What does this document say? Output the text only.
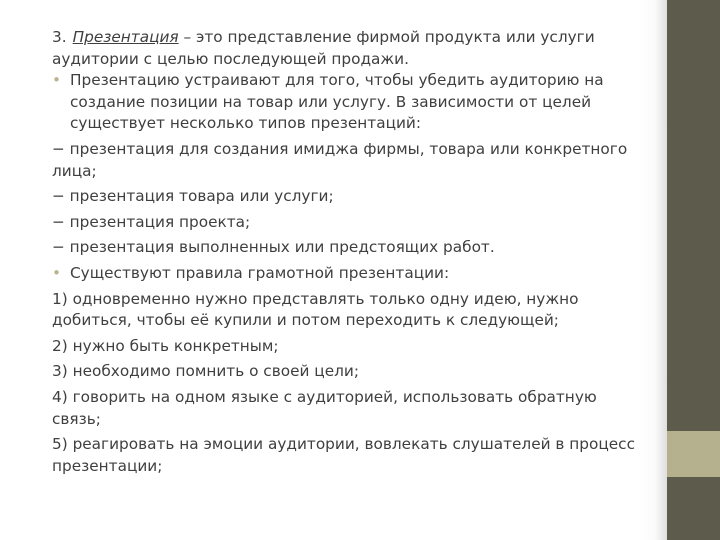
3. Презентация – это представление фирмой продукта или услуги аудитории с целью последующей продажи.

• Презентацию устраивают для того, чтобы убедить аудиторию на создание позиции на товар или услугу. В зависимости от целей существует несколько типов презентаций:

− презентация для создания имиджа фирмы, товара или конкретного лица;

− презентация товара или услуги;

− презентация проекта;

− презентация выполненных или предстоящих работ.

• Существуют правила грамотной презентации:

1) одновременно нужно представлять только одну идею, нужно добиться, чтобы её купили и потом переходить к следующей;

2) нужно быть конкретным;

3) необходимо помнить о своей цели;

4) говорить на одном языке с аудиторией, использовать обратную связь;

5) реагировать на эмоции аудитории, вовлекать слушателей в процесс презентации;
